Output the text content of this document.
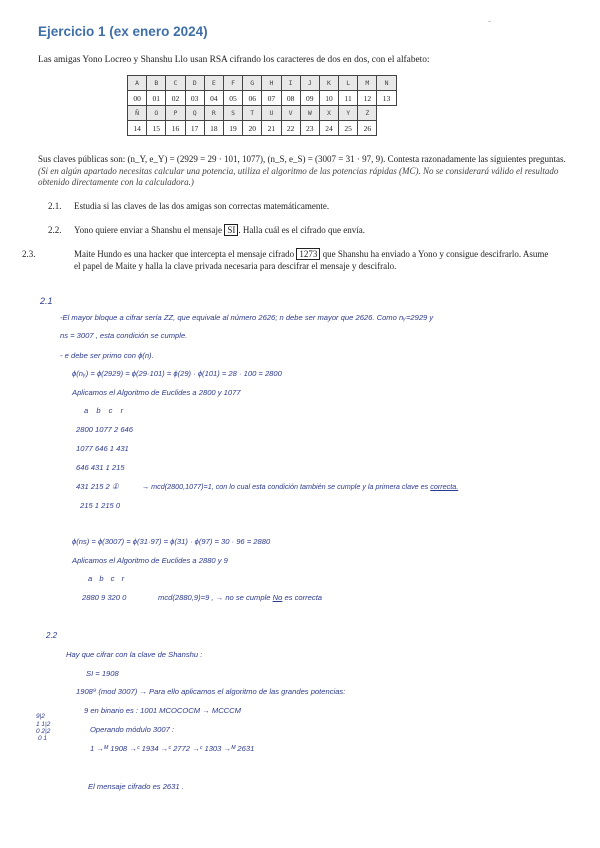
Ejercicio 1 (ex enero 2024)
-
Las amigas Yono Locreo y Shanshu Llo usan RSA cifrando los caracteres de dos en dos, con el alfabeto:
A	B	C	D	E	F	G	H	I	J	K	L	M	N
00	01	02	03	04	05	06	07	08	09	10	11	12	13
Ñ	O	P	Q	R	S	T	U	V	W	X	Y	Z	
14	15	16	17	18	19	20	21	22	23	24	25	26	
Sus claves públicas son: (n_Y, e_Y) = (2929 = 29 · 101, 1077), (n_S, e_S) = (3007 = 31 · 97, 9). Contesta razonadamente las siguientes preguntas. (Si en algún apartado necesitas calcular una potencia, utiliza el algoritmo de las potencias rápidas (MC). No se considerará válido el resultado obtenido directamente con la calculadora.)
2.1. Estudia si las claves de las dos amigas son correctas matemáticamente.
2.2. Yono quiere enviar a Shanshu el mensaje SI . Halla cuál es el cifrado que envía.
2.3.	Maite Hundo es una hacker que intercepta el mensaje cifrado 1273 que Shanshu ha enviado a Yono y consigue descifrarlo. Asume el papel de Maite y halla la clave privada necesaria para descifrar el mensaje y descifralo.
2.1
-El mayor bloque a cifrar sería ZZ, que equivale al número 2626; n debe ser mayor que 2626. Como nᵧ=2929 y
ns = 3007 , esta condición se cumple.
- e debe ser primo con ϕ(n).
ϕ(nᵧ) = ϕ(2929) = ϕ(29·101) = ϕ(29) · ϕ(101) = 28 · 100 = 2800
Aplicamos el Algoritmo de Euclides a 2800 y 1077
a b c r
2800 1077 2 646
1077 646 1 431
646 431 1 215
431 215 2 ①	→ mcd(2800,1077)=1, con lo cual esta condición también se cumple y la primera clave es correcta.
215 1 215 0
ϕ(ns) = ϕ(3007) = ϕ(31·97) = ϕ(31) · ϕ(97) = 30 · 96 = 2880
Aplicamos el Algoritmo de Euclides a 2880 y 9
a b c r
2880 9 320 0	mcd(2880,9)=9 , → no se cumple No es correcta
2.2
Hay que cifrar con la clave de Shanshu :
SI = 1908
1908⁹ (mod 3007) → Para ello aplicamos el algoritmo de las grandes potencias:
9 en binario es : 1001 MCOCOCM → MCCCM
Operando módulo 3007 :
1 →ᴹ 1908 →ᶜ 1934 →ᶜ 2772 →ᶜ 1303 →ᴹ 2631
El mensaje cifrado es 2631 .
9|2
1 1|2
0 2|2
0 1
